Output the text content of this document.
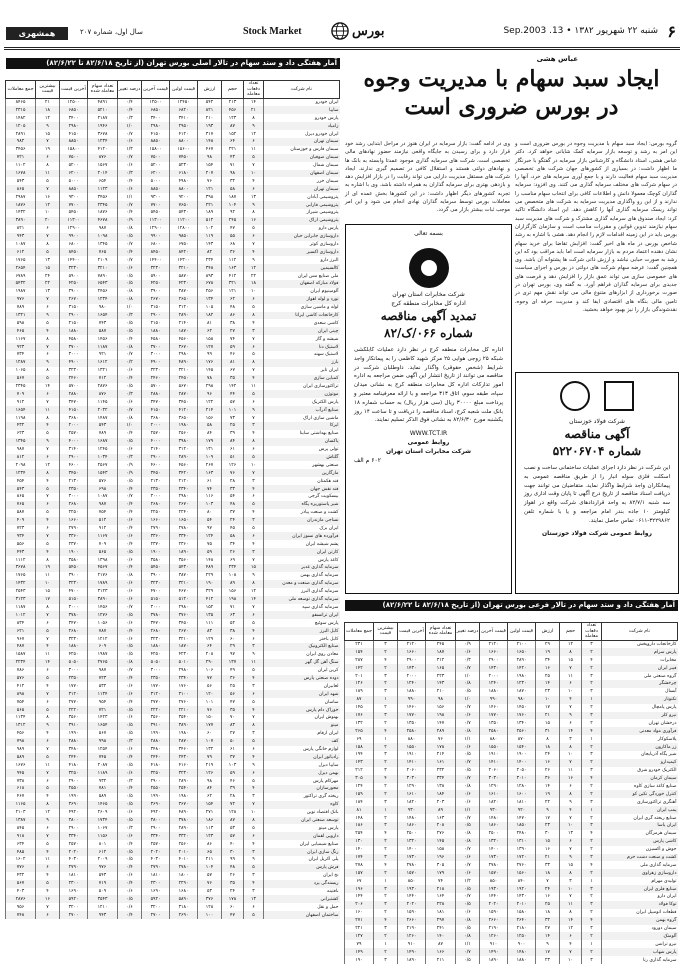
۶
شنبه ۲۲ شهریور ۱۳۸۲ • 13. Sep.2003
بورس
Stock Market
سال اول، شماره ۲۰۷
همشهری
آمار هفتگی داد و ستد سهام در تالار اصلی بورس تهران (از تاریخ ۸۲/۶/۱۸ تا ۸۲/۶/۲۲)
مبالغ به ریال
نام شرکت	تعداد دفعات معامله	حجم	ارزش	قیمت اولین	قیمت آخرین	درصد تغییر	تعداد سهام معامله شده	آخرین قیمت	بیشترین قیمت	جمع معاملات
ایران خودرو	۱۴	۲۱۳	۵۴۲	۱۲۴۵۰	۱۲۵۰۰	۰/۴	۴۸۹۱	۱۲۵۰۰	۲۱	۸۴۶۵
سایپا	۲۱	۴۵۶	۸۲۱	۶۸۲۰	۶۸۵۰	۰/۴	۵۲۱۰	۶۸۵۰	۱۸	۲۳۱۵
پارس خودرو	۸	۱۲۳	۲۱۰	۳۴۱۰	۳۴۰۰	۰/۳	۲۱۸۷	۳۴۰۰	۱۲	۱۴۸۲
زامیاد	۹	۸۷	۱۹۳	۲۹۵۰	۲۹۸۰	۱/۰	۱۹۴۶	۲۹۸۰	۹	۱۲۰۵
ایران خودرو دیزل	۱۲	۱۵۲	۳۱۷	۴۱۲۰	۴۱۵۰	۰/۷	۳۶۷۸	۴۱۵۰	۱۵	۲۸۹۱
سیمان تهران	۶	۶۴	۱۴۸	۸۸۰۰	۸۸۵۰	۰/۶	۱۲۳۴	۸۸۵۰	۷	۹۸۲
سیمان فارس و خوزستان	۱۱	۲۲۱	۴۶۷	۱۵۶۰۰	۱۵۸۰۰	۱/۳	۴۱۲۰	۱۵۸۰۰	۱۹	۳۴۵۶
سیمان صوفیان	۵	۴۳	۹۸	۷۴۵۰	۷۵۰۰	۰/۷	۸۷۶	۷۵۰۰	۶	۷۲۱
سیمان شمال	۷	۷۱	۱۵۴	۵۲۳۰	۵۲۰۰	۰/۶	۱۵۶۷	۵۲۰۰	۸	۱۱۰۲
سیمان اصفهان	۱۰	۹۸	۲۰۷	۶۱۸۰	۶۲۰۰	۰/۳	۲۰۱۴	۶۲۰۰	۱۱	۱۶۷۸
سیمان خزر	۴	۳۲	۷۶	۴۹۸۰	۵۰۰۰	۰/۴	۶۵۴	۵۰۰۰	۵	۵۴۳
سیمان تهران	۶	۵۸	۱۲۱	۸۸۰۰	۸۸۵۰	۰/۶	۱۱۲۳	۸۸۵۰	۷	۸۶۵
پتروشیمی آبادان	۱۳	۱۸۷	۳۹۸	۹۲۰۰	۹۳۰۰	۱/۱	۳۴۵۶	۹۳۰۰	۱۶	۲۹۸۷
پتروشیمی فارابی	۹	۱۰۴	۲۲۱	۷۶۵۰	۷۷۰۰	۰/۷	۲۳۴۵	۷۷۰۰	۱۲	۱۸۷۶
پتروشیمی شیراز	۸	۹۲	۱۸۹	۵۴۳۰	۵۴۵۰	۰/۴	۱۸۷۶	۵۴۵۰	۱۰	۱۴۳۲
پتروشیمی اراک	۱۶	۲۴۵	۵۱۲	۱۱۲۰۰	۱۱۳۰۰	۰/۹	۴۶۷۸	۱۱۳۰۰	۲۰	۳۸۹۰
پارس دارو	۵	۴۷	۱۰۲	۱۲۸۰۰	۱۲۹۰۰	۰/۸	۹۸۷	۱۲۹۰۰	۶	۸۲۱
داروسازی جابرابن حیان	۶	۵۵	۱۱۹	۹۸۵۰	۹۹۰۰	۰/۵	۱۰۹۸	۹۹۰۰	۷	۹۴۳
داروسازی کوثر	۷	۶۸	۱۴۳	۶۷۵۰	۶۸۰۰	۰/۷	۱۳۴۵	۶۸۰۰	۸	۱۰۸۷
داروسازی اکسیر	۴	۳۶	۸۲	۸۴۲۰	۸۴۵۰	۰/۴	۷۶۵	۸۴۵۰	۵	۶۱۲
البرز دارو	۹	۱۱۲	۲۳۴	۱۴۳۰۰	۱۴۴۰۰	۰/۷	۲۱۰۹	۱۴۴۰۰	۱۳	۱۷۶۵
کالسیمین	۱۲	۱۶۳	۳۴۸	۳۲۱۰	۳۲۳۰	۰/۶	۳۲۱۰	۳۲۳۰	۱۵	۲۶۵۴
ملی صنایع مس ایران	۲۲	۴۱۲	۸۹۳	۵۸۷۰	۵۹۰۰	۰/۵	۷۸۹۰	۵۹۰۰	۲۴	۶۷۸۹
فولاد مبارکه اصفهان	۱۸	۳۲۱	۶۷۸	۴۲۳۰	۴۲۵۰	۰/۵	۶۵۴۳	۴۲۵۰	۲۲	۵۴۳۲
آلومینیوم ایران	۱۰	۱۲۱	۲۵۶	۳۸۷۰	۳۹۰۰	۰/۸	۲۴۵۶	۳۹۰۰	۱۳	۱۹۸۷
نورد و لوله اهواز	۶	۶۲	۱۳۴	۲۶۵۰	۲۶۷۰	۰/۸	۱۲۳۴	۲۶۷۰	۷	۹۷۶
لوله و ماشین سازی	۵	۴۸	۱۰۵	۳۱۲۰	۳۱۵۰	۱/۰	۹۸۰	۳۱۵۰	۶	۷۸۹
کارخانجات کاشی ایرانا	۸	۸۶	۱۸۲	۲۸۹۰	۲۹۰۰	۰/۳	۱۶۵۴	۲۹۰۰	۹	۱۳۲۱
کاشی سعدی	۴	۳۸	۸۱	۲۱۴۰	۲۱۵۰	۰/۵	۷۴۳	۲۱۵۰	۵	۵۹۸
چینی ایران	۳	۲۷	۶۲	۱۸۷۰	۱۸۸۰	۰/۵	۵۸۷	۱۸۸۰	۴	۴۶۵
شیشه و گاز	۷	۷۴	۱۵۸	۴۵۶۰	۴۵۸۰	۰/۴	۱۴۵۶	۴۵۸۰	۸	۱۱۶۷
لاستیک دنا	۶	۵۹	۱۲۷	۳۶۷۰	۳۷۰۰	۰/۸	۱۱۸۷	۳۷۰۰	۷	۹۲۳
لاستیک سهند	۵	۴۶	۹۹	۲۹۸۰	۳۰۰۰	۰/۷	۹۲۱	۳۰۰۰	۶	۷۳۴
بارز	۸	۸۱	۱۷۶	۴۸۹۰	۴۹۰۰	۰/۲	۱۶۱۲	۴۹۰۰	۹	۱۲۸۷
ایران تایر	۷	۶۷	۱۴۵	۳۲۱۰	۳۲۳۰	۰/۶	۱۳۲۱	۳۲۳۰	۸	۱۰۶۵
کمباین سازی	۴	۳۵	۷۸	۲۴۵۰	۲۴۶۰	۰/۴	۷۱۲	۲۴۶۰	۵	۵۶۷
تراکتورسازی ایران	۱۱	۱۴۲	۲۹۸	۵۶۷۰	۵۷۰۰	۰/۵	۲۸۷۶	۵۷۰۰	۱۴	۲۳۴۵
موتوژن	۵	۴۴	۹۶	۲۸۷۰	۲۸۸۰	۰/۳	۸۷۶	۲۸۸۰	۶	۷۰۹
پارس الکتریک	۶	۵۷	۱۲۲	۳۴۵۰	۳۴۷۰	۰/۶	۱۱۴۵	۳۴۷۰	۷	۹۱۲
صنایع آذرآب	۹	۱۰۱	۲۱۴	۴۱۲۰	۴۱۵۰	۰/۷	۲۰۳۲	۴۱۵۰	۱۱	۱۶۵۴
ماشین سازی اراک	۷	۷۳	۱۵۶	۳۶۵۰	۳۶۸۰	۰/۸	۱۴۸۷	۳۶۸۰	۸	۱۱۹۸
ایرکا	۳	۲۵	۵۸	۱۹۸۰	۲۰۰۰	۱/۰	۵۴۳	۲۰۰۰	۴	۴۳۲
صنایع بهداشتی ساینا	۴	۳۹	۸۴	۲۵۶۰	۲۵۷۰	۰/۴	۷۸۹	۲۵۷۰	۵	۶۲۳
پاکسان	۸	۸۴	۱۷۹	۳۹۸۰	۴۰۰۰	۰/۵	۱۶۸۷	۴۰۰۰	۹	۱۳۴۵
تولی پرس	۶	۶۱	۱۳۱	۳۱۲۰	۳۱۴۰	۰/۶	۱۲۴۵	۳۱۴۰	۷	۹۸۷
گلتاش	۵	۵۱	۱۰۹	۲۸۹۰	۲۹۰۰	۰/۳	۱۰۳۴	۲۹۰۰	۶	۸۱۲
صنعتی بهشهر	۱۰	۱۲۶	۲۶۷	۴۵۶۰	۴۶۰۰	۰/۹	۲۵۶۷	۴۶۰۰	۱۲	۲۰۹۸
مارگارین	۷	۷۶	۱۶۳	۳۴۲۰	۳۴۵۰	۰/۹	۱۵۴۳	۳۴۵۰	۸	۱۲۳۴
قند هکمتان	۳	۲۸	۶۱	۲۱۲۰	۲۱۳۰	۰/۵	۵۷۶	۲۱۳۰	۴	۴۵۴
قند نقش جهان	۴	۳۳	۷۴	۲۳۴۰	۲۳۵۰	۰/۴	۶۹۸	۲۳۵۰	۵	۵۴۳
بیسکویت گرجی	۶	۵۴	۱۱۶	۲۹۸۰	۳۰۰۰	۰/۷	۱۰۸۷	۳۰۰۰	۷	۸۶۵
شیر پاستوریزه پگاه	۵	۴۸	۱۰۳	۲۶۷۰	۲۶۸۰	۰/۴	۹۸۷	۲۶۸۰	۶	۷۶۵
کشت و صنعت پیاذر	۴	۳۷	۸۰	۲۲۴۰	۲۲۵۰	۰/۴	۷۵۴	۲۲۵۰	۵	۵۸۷
نساجی مازندران	۳	۲۴	۵۴	۱۶۵۰	۱۶۶۰	۰/۶	۵۱۲	۱۶۶۰	۴	۴۰۹
ایران برک	۵	۴۵	۹۷	۲۷۸۰	۲۷۹۰	۰/۴	۹۱۲	۲۷۹۰	۶	۷۲۳
فرآورده های نسوز ایران	۶	۵۸	۱۲۴	۳۳۴۰	۳۳۶۰	۰/۶	۱۱۶۷	۳۳۶۰	۷	۹۳۴
پشم شیشه ایران	۴	۳۴	۷۵	۲۳۶۰	۲۳۷۰	۰/۴	۷۰۹	۲۳۷۰	۵	۵۵۶
کارتن ایران	۳	۲۶	۵۹	۱۸۹۰	۱۹۰۰	۰/۵	۵۶۵	۱۹۰۰	۴	۴۴۳
کاغذ پارس	۷	۶۹	۱۴۸	۳۵۶۰	۳۵۸۰	۰/۶	۱۳۹۸	۳۵۸۰	۸	۱۱۱۲
سرمایه گذاری غدیر	۱۵	۲۳۴	۴۸۹	۵۴۳۰	۵۴۵۰	۰/۴	۴۵۶۷	۵۴۵۰	۱۹	۳۶۷۸
سرمایه گذاری بهمن	۹	۱۰۸	۲۲۹	۳۸۷۰	۳۹۰۰	۰/۸	۲۱۷۶	۳۹۰۰	۱۱	۱۷۶۵
سرمایه گذاری صنعت و معدن	۸	۸۹	۱۹۰	۳۲۱۰	۳۲۳۰	۰/۶	۱۷۸۹	۳۲۳۰	۱۰	۱۴۳۲
سرمایه گذاری البرز	۱۲	۱۵۶	۳۲۹	۴۶۷۰	۴۷۰۰	۰/۶	۳۱۲۳	۴۷۰۰	۱۵	۲۵۴۳
سرمایه گذاری توسعه ملی	۱۴	۱۹۸	۴۱۲	۵۱۲۰	۵۱۵۰	۰/۶	۳۸۹۰	۵۱۵۰	۱۷	۳۱۲۳
سرمایه گذاری سپه	۷	۷۱	۱۵۲	۲۹۸۰	۳۰۰۰	۰/۷	۱۴۵۶	۳۰۰۰	۸	۱۱۸۷
ایران ترانسفو	۶	۶۳	۱۳۵	۳۷۶۰	۳۷۸۰	۰/۵	۱۲۷۶	۳۷۸۰	۷	۱۰۱۲
پارس سوئیچ	۵	۵۲	۱۱۱	۳۴۵۰	۳۴۷۰	۰/۶	۱۰۵۶	۳۴۷۰	۶	۸۳۴
کابل البرز	۴	۳۸	۸۳	۲۶۷۰	۲۶۸۰	۰/۴	۷۸۷	۲۶۸۰	۵	۶۲۱
کابل باختر	۶	۶۰	۱۲۹	۳۲۱۰	۳۲۳۰	۰/۶	۱۲۱۲	۳۲۳۰	۷	۹۶۷
صنایع الکترونیک	۳	۲۹	۶۴	۱۸۷۰	۱۸۸۰	۰/۵	۶۰۹	۱۸۸۰	۴	۴۸۷
معادن روی ایران	۹	۹۷	۲۰۸	۴۲۳۰	۴۲۵۰	۰/۵	۱۹۸۷	۴۲۵۰	۱۱	۱۵۸۷
سنگ آهن گل گهر	۱۱	۱۳۷	۲۹۰	۵۰۱۰	۵۰۵۰	۰/۸	۲۷۶۵	۵۰۵۰	۱۴	۲۲۳۴
کربن ایران	۵	۴۹	۱۰۶	۲۹۸۰	۳۰۰۰	۰/۷	۹۸۷	۳۰۰۰	۶	۷۸۶
دوده صنعتی پارس	۴	۳۶	۷۷	۲۳۴۰	۲۳۵۰	۰/۴	۷۲۳	۲۳۵۰	۵	۵۷۶
لعابیران	۳	۲۵	۵۶	۱۷۶۰	۱۷۷۰	۰/۶	۵۳۲	۱۷۷۰	۴	۴۱۲
شهد ایران	۶	۵۶	۱۲۰	۳۱۰۰	۳۱۲۰	۰/۶	۱۱۳۴	۳۱۲۰	۷	۸۹۸
ساسان	۵	۴۷	۱۰۱	۲۷۶۰	۲۷۷۰	۰/۴	۹۵۴	۲۷۷۰	۶	۷۵۴
خوراک دام پارس	۴	۳۵	۷۶	۲۲۱۰	۲۲۲۰	۰/۵	۷۲۱	۲۲۲۰	۵	۵۶۵
بهنوش ایران	۷	۷۰	۱۵۰	۳۵۴۰	۳۵۶۰	۰/۶	۱۴۲۳	۳۵۶۰	۸	۱۱۳۴
مینو	۸	۸۳	۱۷۷	۳۸۹۰	۳۹۱۰	۰/۵	۱۶۵۴	۳۹۱۰	۹	۱۳۱۲
ایران ارقام	۳	۲۷	۶۰	۱۹۸۰	۱۹۹۰	۰/۵	۵۶۷	۱۹۹۰	۴	۴۵۶
کف	۵	۵۰	۱۰۷	۲۸۷۰	۲۸۸۰	۰/۳	۹۹۸	۲۸۸۰	۶	۷۹۸
لوازم خانگی پارس	۶	۶۱	۱۳۲	۳۴۶۰	۳۴۸۰	۰/۶	۱۲۵۴	۳۴۸۰	۷	۹۸۹
رادیاتور ایران	۴	۳۷	۷۹	۲۴۳۰	۲۴۴۰	۰/۴	۷۴۵	۲۴۴۰	۵	۵۸۹
سایپا دیزل	۹	۱۰۳	۲۱۹	۴۱۶۰	۴۱۸۰	۰/۵	۲۰۸۷	۴۱۸۰	۱۱	۱۶۷۶
بهمن دیزل	۶	۵۹	۱۲۶	۳۲۳۰	۳۲۵۰	۰/۶	۱۱۸۹	۳۲۵۰	۷	۹۴۵
مهرکام پارس	۵	۴۶	۹۸	۲۸۹۰	۲۹۰۰	۰/۳	۹۳۲	۲۹۰۰	۶	۷۳۸
محورسازان	۴	۳۹	۸۴	۲۵۴۰	۲۵۵۰	۰/۴	۷۸۱	۲۵۵۰	۵	۶۱۸
ریخته گری تراکتور	۳	۲۸	۶۲	۱۹۸۰	۱۹۹۰	۰/۵	۵۸۹	۱۹۹۰	۴	۴۶۷
کاوه	۷	۷۲	۱۵۴	۳۶۷۰	۳۶۹۰	۰/۵	۱۴۶۵	۳۶۹۰	۸	۱۱۶۵
بانک اقتصاد نوین	۱۰	۱۲۸	۲۷۱	۴۸۹۰	۴۹۲۰	۰/۶	۲۶۰۹	۴۹۲۰	۱۲	۲۱۰۳
توسعه صنعتی ایران	۸	۸۷	۱۸۶	۳۷۸۰	۳۸۰۰	۰/۵	۱۷۳۴	۳۸۰۰	۹	۱۳۸۷
پارس مینو	۵	۵۳	۱۱۳	۲۸۹۰	۲۹۰۰	۰/۳	۱۰۶۷	۲۹۰۰	۶	۸۴۵
دارویی لقمان	۶	۵۷	۱۲۳	۳۳۲۰	۳۳۴۰	۰/۶	۱۱۵۶	۳۳۴۰	۷	۹۱۸
صنایع شیمیایی ایران	۴	۴۰	۸۶	۲۵۶۰	۲۵۷۰	۰/۴	۸۰۱	۲۵۷۰	۵	۶۳۴
رنگ سازی ایران	۳	۳۰	۶۵	۲۰۱۰	۲۰۲۰	۰/۵	۶۱۲	۲۰۲۰	۴	۴۸۵
پلی اکریل ایران	۹	۹۹	۲۱۱	۴۰۱۰	۴۰۳۰	۰/۵	۲۰۰۹	۴۰۳۰	۱۱	۱۶۰۲
فرش پارس	۵	۴۸	۱۰۴	۲۷۸۰	۲۷۹۰	۰/۴	۹۷۶	۲۷۹۰	۶	۷۷۶
نخ ایران	۳	۲۶	۵۷	۱۸۰۰	۱۸۱۰	۰/۶	۵۴۳	۱۸۱۰	۴	۴۳۲
ریسندگی یزد	۴	۳۵	۷۶	۲۲۹۰	۲۳۰۰	۰/۴	۷۱۹	۲۳۰۰	۵	۵۶۷
بافتینه	۳	۲۴	۵۳	۱۶۸۰	۱۶۹۰	۰/۶	۵۰۹	۱۶۹۰	۴	۴۰۳
کشتیرانی	۱۳	۱۷۸	۳۷۶	۵۸۹۰	۵۹۲۰	۰/۵	۳۵۴۳	۵۹۲۰	۱۶	۲۸۷۶
حمل و نقل	۶	۶۰	۱۲۸	۳۱۸۰	۳۲۰۰	۰/۶	۱۲۱۰	۳۲۰۰	۷	۹۵۶
ساختمان اصفهان	۵	۴۷	۱۰۰	۲۶۹۰	۲۷۰۰	۰/۴	۹۴۳	۲۷۰۰	۶	۷۴۸
عباس هشی
ایجاد سبد سهام با مدیریت وجوه
در بورس ضروری است
گروه بورس: ایجاد سبد سهام با مدیریت وجوه در بورس ضروری است و این امر به رشد و توسعه بازار سرمایه کمک شایانی خواهد کرد. دکتر عباس هشی، استاد دانشگاه و کارشناس بازار سرمایه در گفتگو با خبرنگار ما اظهار داشت: در بسیاری از کشورهای جهان شرکت های تخصصی مدیریت سبد سهام فعالیت دارند و با جمع آوری سرمایه های خرد، آنها را در سهام شرکت های مختلف سرمایه گذاری می کنند. وی افزود: سرمایه گذاران کوچک معمولا دانش و اطلاعات کافی برای انتخاب سهام مناسب را ندارند و از این رو واگذاری مدیریت سرمایه به شرکت های متخصص می تواند ریسک سرمایه گذاری آنها را کاهش دهد. این استاد دانشگاه تاکید کرد: ایجاد صندوق های سرمایه گذاری مشترک و شرکت های مدیریت سبد سهام نیازمند تدوین قوانین و مقررات مناسب است و سازمان کارگزاران بورس باید در این زمینه اقدامات لازم را انجام دهد. هشی با اشاره به رشد شاخص بورس در ماه های اخیر گفت: افزایش تقاضا برای خرید سهام نشان دهنده اعتماد مردم به بازار سرمایه است اما باید مراقب بود که این رشد به صورت حبابی نباشد و ارزش ذاتی شرکت ها پشتوانه آن باشد. وی همچنین گفت: عرضه سهام شرکت های دولتی در بورس و اجرای سیاست های خصوصی سازی می تواند عمق بازار را افزایش دهد و فرصت های جدیدی برای سرمایه گذاران فراهم آورد. به گفته وی، بورس تهران در صورت برخورداری از ابزارهای متنوع مالی می تواند نقش مهم تری در تامین مالی بنگاه های اقتصادی ایفا کند و مدیریت حرفه ای وجوه، نقدشوندگی بازار را نیز بهبود خواهد بخشید.
وی در ادامه گفت: بازار سرمایه در ایران هنوز در مراحل ابتدایی رشد خود قرار دارد و برای رسیدن به جایگاه واقعی نیازمند حضور نهادهای مالی تخصصی است. شرکت های سرمایه گذاری موجود عمدتا وابسته به بانک ها و نهادهای دولتی هستند و استقلال کافی در تصمیم گیری ندارند. ایجاد شرکت های مستقل مدیریت دارایی می تواند رقابت را در بازار افزایش دهد و بازدهی بهتری برای سرمایه گذاران به همراه داشته باشد. وی با اشاره به تجربه کشورهای دیگر اظهار داشت: در این کشورها بخش عمده ای از معاملات بورس توسط سرمایه گذاران نهادی انجام می شود و این امر موجب ثبات بیشتر بازار می گردد.
بسمه تعالی
شرکت مخابرات استان تهران
اداره کل مخابرات منطقه کرج
تمدید آگهی مناقصه
شماره ۰۶۶/ک/۸۲
اداره کل مخابرات منطقه کرج در نظر دارد عملیات کابلکشی شبکه ۲۵ زوجی هوایی ۲۵ مرکز شهید کاظمی را به پیمانکار واجد شرایط (شخص حقوقی) واگذار نماید. داوطلبان شرکت در مناقصه می توانند از تاریخ انتشار این آگهی ضمن مراجعه به اداره امور تدارکات اداره کل مخابرات منطقه کرج به نشانی میدان سپاه، طبقه سوم، اتاق ۳۱۳ مراجعه و با ارائه معرفینامه معتبر و پرداخت مبلغ ۳۰۰۰۰ ریال (سی هزار ریال) به حساب شماره ۱۸ بانک ملت شعبه کرج، اسناد مناقصه را دریافت و تا ساعت ۱۴ روز یکشنبه مورخ ۸۲/۶/۳۰ به نشانی فوق الذکر تسلیم نمایند.
WWW.TCT.IR
روابط عمومی
شرکت مخابرات استان تهران
۶۰۲ م الف

شرکت فولاد خوزستان
آگهی مناقصه
شماره ۵۲۲۰۶۷۰۴
این شرکت در نظر دارد اجرای عملیات ساختمانی ساخت و نصب اسکلت فلزی سوله انبار را از طریق مناقصه عمومی به پیمانکاران واجد شرایط واگذار نماید. متقاضیان می توانند جهت دریافت اسناد مناقصه از تاریخ درج آگهی تا پایان وقت اداری روز سه شنبه ۸۲/۷/۱ به واحد قراردادهای شرکت واقع در اهواز کیلومتر ۱۰ جاده بندر امام مراجعه و یا با شماره تلفن ۳۲۲۹۸۶۲-۰۶۱۱ تماس حاصل نمایند.
روابط عمومی شرکت فولاد خوزستان
آمار هفتگی داد و ستد سهام در تالار فرعی بورس تهران (از تاریخ ۸۲/۶/۱۸ تا ۸۲/۶/۲۲)
مبالغ به ریال
نام شرکت	تعداد دفعات معامله	حجم	ارزش	قیمت اولین	قیمت آخرین	درصد تغییر	تعداد سهام معامله شده	آخرین قیمت	بیشترین قیمت	جمع معاملات
کارخانجات داروپخش	۳	۱۲	۲۹	۲۱۰۰	۲۱۲۰	۰/۹	۲۴۵	۲۱۲۰	۳	۲۳۱
پارس سرام	۲	۸	۱۹	۱۶۵۰	۱۶۶۰	۰/۶	۱۸۷	۱۶۶۰	۲	۱۵۴
مخابرات	۴	۱۵	۳۴	۲۸۹۰	۲۹۰۰	۰/۳	۳۱۲	۲۹۰۰	۴	۲۸۷
فیبر ایران	۲	۷	۱۶	۱۴۲۰	۱۴۳۰	۰/۷	۱۶۵	۱۴۳۰	۲	۱۴۲
گروه صنعتی ملی	۳	۱۱	۲۵	۱۹۸۰	۲۰۰۰	۱/۰	۲۲۳	۲۰۰۰	۳	۲۰۱
چرخشگر	۲	۶	۱۴	۱۲۳۰	۱۲۴۰	۰/۸	۱۴۳	۱۲۴۰	۲	۱۲۶
آبسال	۳	۱۰	۲۳	۱۸۷۰	۱۸۸۰	۰/۵	۲۱۰	۱۸۸۰	۳	۱۸۹
تکنوتار	۱	۴	۱۰	۹۸۰	۹۹۰	۱/۰	۹۸	۹۹۰	۱	۸۷
پارس پامچال	۲	۷	۱۷	۱۴۵۰	۱۴۶۰	۰/۷	۱۵۶	۱۴۶۰	۲	۱۴۵
نیرو کلر	۳	۹	۲۱	۱۷۶۰	۱۷۷۰	۰/۶	۱۹۸	۱۷۷۰	۳	۱۷۶
درخشان تهران	۲	۶	۱۵	۱۳۴۰	۱۳۵۰	۰/۷	۱۴۷	۱۳۵۰	۲	۱۳۲
فرآوری مواد معدنی	۴	۱۴	۳۱	۲۵۶۰	۲۵۸۰	۰/۸	۲۸۹	۲۵۸۰	۴	۲۶۵
پلاسکوکار	۱	۳	۸	۸۷۰	۸۸۰	۱/۱	۷۶	۸۸۰	۱	۶۹
زر ماکارون	۲	۸	۱۸	۱۵۴۰	۱۵۵۰	۰/۶	۱۷۸	۱۵۵۰	۲	۱۵۸
شیر پگاه آذربایجان	۳	۱۰	۲۴	۱۹۰۰	۱۹۱۰	۰/۵	۲۱۴	۱۹۱۰	۳	۱۹۴
کیمیدارو	۲	۷	۱۶	۱۴۰۰	۱۴۱۰	۰/۷	۱۶۱	۱۴۱۰	۲	۱۴۳
الکتریک خودرو شرق	۳	۱۱	۲۶	۲۰۵۰	۲۰۶۰	۰/۵	۲۳۲	۲۰۶۰	۳	۲۱۲
سیمان کرمان	۴	۱۶	۳۶	۳۰۱۰	۳۰۳۰	۰/۷	۳۳۴	۳۰۳۰	۴	۳۰۵
صنایع کاغذ سازی کاوه	۲	۶	۱۴	۱۲۸۰	۱۲۹۰	۰/۸	۱۳۸	۱۲۹۰	۲	۱۲۴
کنترل خوردگی تکین کو	۲	۸	۱۹	۱۶۰۰	۱۶۱۰	۰/۶	۱۸۴	۱۶۱۰	۲	۱۵۹
آهنگری تراکتورسازی	۳	۹	۲۲	۱۸۱۰	۱۸۲۰	۰/۶	۲۰۳	۱۸۲۰	۳	۱۸۴
پمپ ایران	۱	۴	۹	۹۲۰	۹۳۰	۱/۱	۸۹	۹۳۰	۱	۸۱
صنایع ریخته گری ایران	۲	۷	۱۷	۱۴۷۰	۱۴۸۰	۰/۷	۱۶۳	۱۴۸۰	۲	۱۴۸
ایران یاسا	۳	۱۰	۲۳	۱۸۵۰	۱۸۶۰	۰/۵	۲۰۸	۱۸۶۰	۳	۱۸۶
سیمان هرمزگان	۴	۱۳	۳۰	۲۴۸۰	۲۵۰۰	۰/۸	۲۷۶	۲۵۰۰	۴	۲۵۴
کاشی پارس	۲	۶	۱۵	۱۳۱۰	۱۳۲۰	۰/۸	۱۴۵	۱۳۲۰	۲	۱۳۰
جوش و اکسیژن	۲	۷	۱۶	۱۳۹۰	۱۴۰۰	۰/۷	۱۵۸	۱۴۰۰	۲	۱۴۰
کشت و صنعت دشت خرم	۳	۹	۲۱	۱۷۲۰	۱۷۳۰	۰/۶	۱۹۶	۱۷۳۰	۳	۱۷۴
سرمایه گذاری ملی	۴	۱۵	۳۳	۲۷۶۰	۲۷۸۰	۰/۷	۳۰۵	۲۷۸۰	۴	۲۷۸
داروسازی زهراوی	۲	۸	۱۸	۱۵۶۰	۱۵۷۰	۰/۶	۱۷۹	۱۵۷۰	۲	۱۵۷
تولیدی مهرام	۱	۳	۷	۸۴۰	۸۵۰	۱/۲	۷۴	۸۵۰	۱	۶۷
صنایع فلزی ایران	۳	۱۰	۲۴	۱۹۲۰	۱۹۳۰	۰/۵	۲۱۸	۱۹۳۰	۳	۱۹۶
ایران دارو	۲	۷	۱۶	۱۴۳۰	۱۴۴۰	۰/۷	۱۶۴	۱۴۴۰	۲	۱۴۴
توکا فولاد	۳	۱۱	۲۵	۲۰۱۰	۲۰۲۰	۰/۵	۲۲۸	۲۰۲۰	۳	۲۰۶
قطعات اتومبیل ایران	۲	۸	۱۸	۱۵۸۰	۱۵۹۰	۰/۶	۱۸۱	۱۵۹۰	۲	۱۶۰
گروه بهمن	۴	۱۴	۳۲	۲۶۴۰	۲۶۶۰	۰/۸	۲۹۷	۲۶۶۰	۴	۲۷۱
سیمان دورود	۳	۱۲	۲۷	۲۱۸۰	۲۱۹۰	۰/۵	۲۴۱	۲۱۹۰	۳	۲۲۱
آلومتک	۲	۶	۱۴	۱۲۵۰	۱۲۶۰	۰/۸	۱۴۰	۱۲۶۰	۲	۱۲۷
نیرو ترانس	۱	۴	۹	۹۰۰	۹۱۰	۱/۱	۸۷	۹۱۰	۱	۷۹
پارس شهاب	۲	۷	۱۷	۱۴۸۰	۱۴۹۰	۰/۷	۱۶۶	۱۴۹۰	۲	۱۴۹
سرمایه گذاری رنا	۳	۱۰	۲۳	۱۸۸۰	۱۸۹۰	۰/۵	۲۱۱	۱۸۹۰	۳	۱۹۰
